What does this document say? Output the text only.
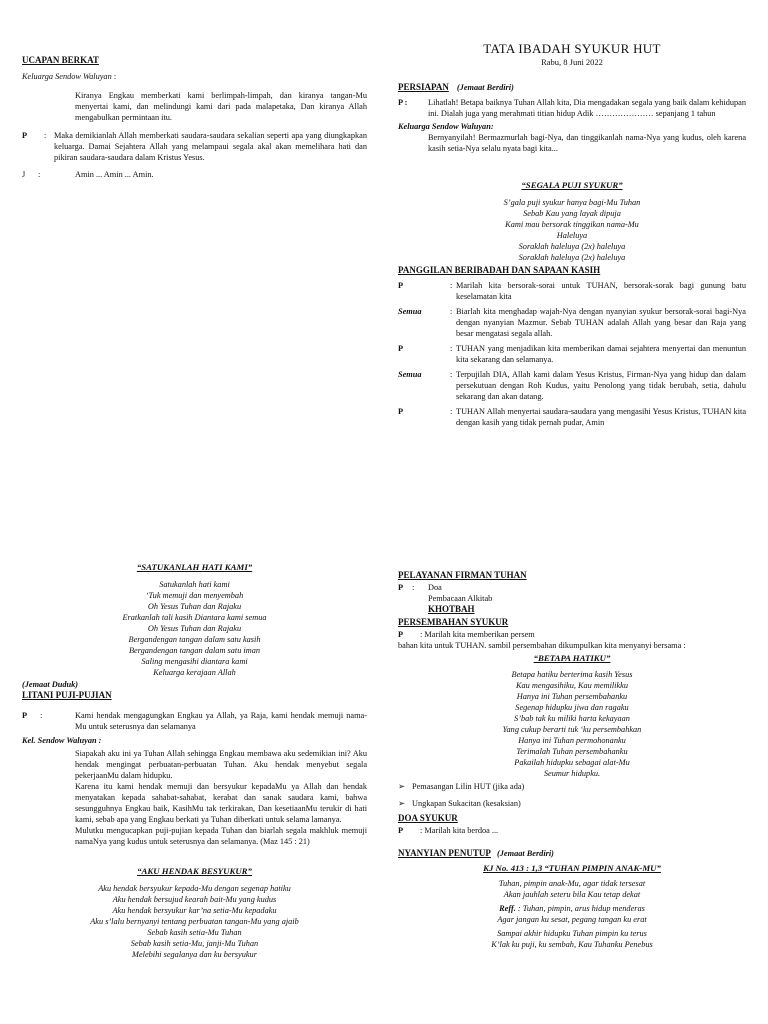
UCAPAN BERKAT
Keluarga Sendow Waluyan :
Kiranya Engkau memberkati kami berlimpah-limpah, dan kiranya tangan-Mu menyertai kami, dan melindungi kami dari pada malapetaka, Dan kiranya Allah mengabulkan permintaan itu.
P	: Maka demikianlah Allah memberkati saudara-saudara sekalian seperti apa yang diungkapkan keluarga. Damai Sejahtera Allah yang melampaui segala akal akan memelihara hati dan pikiran saudara-saudara dalam Kristus Yesus.
J	:	Amin ... Amin ... Amin.
TATA IBADAH SYUKUR HUT
Rabu, 8 Juni 2022
PERSIAPAN (Jemaat Berdiri)
P :	Lihatlah! Betapa baiknya Tuhan Allah kita, Dia mengadakan segala yang baik dalam kehidupan ini. Dialah juga yang merahmati titian hidup Adik ………………… sepanjang 1 tahun
Keluarga Sendow Waluyan:
Bernyanyilah! Bermazmurlah bagi-Nya, dan tinggikanlah nama-Nya yang kudus, oleh karena kasih setia-Nya selalu nyata bagi kita...
“SEGALA PUJI SYUKUR”
S’gala puji syukur hanya bagi-Mu Tuhan
Sebab Kau yang layak dipuja
Kami mau bersorak tinggikan nama-Mu
Haleluya
Soraklah haleluya (2x) haleluya
Soraklah haleluya (2x) haleluya
PANGGILAN BERIBADAH DAN SAPAAN KASIH
P	: Marilah kita bersorak-sorai untuk TUHAN, bersorak-sorak bagi gunung batu keselamatan kita
Semua	: Biarlah kita menghadap wajah-Nya dengan nyanyian syukur bersorak-sorai bagi-Nya dengan nyanyian Mazmur. Sebab TUHAN adalah Allah yang besar dan Raja yang besar mengatasi segala allah.
P	: TUHAN yang menjadikan kita memberikan damai sejahtera menyertai dan menuntun kita sekarang dan selamanya.
Semua	: Terpujilah DIA, Allah kami dalam Yesus Kristus, Firman-Nya yang hidup dan dalam persekutuan dengan Roh Kudus, yaitu Penolong yang tidak berubah, setia, dahulu sekarang dan akan datang.
P	: TUHAN Allah menyertai saudara-saudara yang mengasihi Yesus Kristus, TUHAN kita dengan kasih yang tidak pernah pudar, Amin
“SATUKANLAH HATI KAMI”
Satukanlah hati kami
‘Tuk memuji dan menyembah
Oh Yesus Tuhan dan Rajaku
Eratkanlah tali kasih Diantara kami semua
Oh Yesus Tuhan dan Rajaku
Bergandengan tangan dalam satu kasih
Bergandengan tangan dalam satu iman
Saling mengasihi diantara kami
Keluarga kerajaan Allah
(Jemaat Duduk)
LITANI PUJI-PUJIAN
P	:	Kami hendak mengagungkan Engkau ya Allah, ya Raja, kami hendak memuji nama-Mu untuk seterusnya dan selamanya
Kel. Sendow Waluyan :
Siapakah aku ini ya Tuhan Allah sehingga Engkau membawa aku sedemikian ini? Aku hendak mengingat perbuatan-perbuatan Tuhan. Aku hendak menyebut segala pekerjaanMu dalam hidupku.
Karena itu kami hendak memuji dan bersyukur kepadaMu ya Allah dan hendak menyatakan kepada sahabat-sahabat, kerabat dan sanak saudara kami, bahwa sesungguhnya Engkau baik, KasihMu tak terkirakan, Dan kesetiaanMu terukir di hati kami, sebab apa yang Engkau berkati ya Tuhan diberkati untuk selama lamanya.
Mulutku mengucapkan puji-pujian kepada Tuhan dan biarlah segala makhluk memuji namaNya yang kudus untuk seterusnya dan selamanya. (Maz 145 : 21)
“AKU HENDAK BESYUKUR”
Aku hendak bersyukur kepada-Mu dengan segenap hatiku
Aku hendak bersujud kearah bait-Mu yang kudus
Aku hendak bersyukur kar’na setia-Mu kepadaku
Aku s’lalu bernyanyi tentang perbuatan tangan-Mu yang ajaib
Sebab kasih setia-Mu Tuhan
Sebab kasih setia-Mu, janji-Mu Tuhan
Melebihi segalanya dan ku bersyukur
PELAYANAN FIRMAN TUHAN
P	:	Doa
Pembacaan Alkitab
KHOTBAH
PERSEMBAHAN SYUKUR
P : Marilah kita memberikan persem
bahan kita untuk TUHAN. sambil persembahan dikumpulkan kita menyanyi bersama :
“BETAPA HATIKU”
Betapa hatiku berterima kasih Yesus
Kau mengasihiku, Kau memilikku
Hanya ini Tuhan persembahanku
Segenap hidupku jiwa dan ragaku
S’bab tak ku miliki harta kekayaan
Yang cukup berarti tuk ‘ku persembahkan
Hanya ini Tuhan permohonanku
Terimalah Tuhan persembahanku
Pakailah hidupku sebagai alat-Mu
Seumur hidupku.
➢ Pemasangan Lilin HUT (jika ada)
➢ Ungkapan Sukacitan (kesaksian)
DOA SYUKUR
P : Marilah kita berdoa ...
NYANYIAN PENUTUP (Jemaat Berdiri)
KJ No. 413 : 1,3 “TUHAN PIMPIN ANAK-MU”
Tuhan, pimpin anak-Mu, agar tidak tersesat
Akan jauhlah seteru bila Kau tetap dekat
Reff. : Tuhan, pimpin, arus hidup menderas
Agar jangan ku sesat, pegang tangan ku erat
Sampai akhir hidupku Tuhan pimpin ku terus
K’lak ku puji, ku sembah, Kau Tuhanku Penebus
